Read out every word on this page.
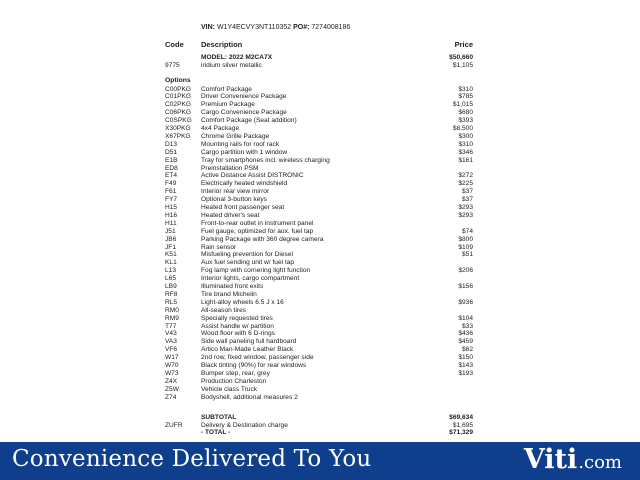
VIN: W1Y4ECVY3NT110352 PO#: 7274008186
Code Description	Price
MODEL: 2022 M2CA7X	$50,660
9775	iridium silver metallic	$1,105
Options
C00PKG Comfort Package	$310
C01PKG Driver Convenience Package	$785
C02PKG Premium Package	$1,015
C06PKG Cargo Convenience Package	$680
C0SPKG Comfort Package (Seat addition)	$393
X30PKG 4x4 Package	$8,500
X67PKG Chrome Grille Package	$300
D13	Mounting rails for roof rack	$310
D51	Cargo partition with 1 window	$346
E1B	Tray for smartphones incl. wireless charging	$161
ED8	Preinstallation PSM
ET4	Active Distance Assist DISTRONIC	$272
F49	Electrically heated windshield	$225
F61	Interior rear view mirror	$37
FY7	Optional 3-button keys	$37
H15	Heated front passenger seat	$293
H16	Heated driver's seat	$293
H11	Front-to-rear outlet in instrument panel
J51	Fuel gauge, optimized for aux. fuel tap	$74
JB6	Parking Package with 360 degree camera	$800
JF1	Rain sensor	$109
K51	Misfueling prevention for Diesel	$51
KL1	Aux fuel sending unit w/ fuel tap
L13	Fog lamp with cornering light function	$206
L65	Interior lights, cargo compartment
LB9	Illuminated front exits	$156
RF8	Tire brand Michelin
RL5	Light-alloy wheels 6.5 J x 16	$936
RM0	All-season tires
RM9	Specially requested tires	$104
T77	Assist handle w/ partition	$33
V43	Wood floor with 6 D-rings	$436
VA3	Side wall paneling full hardboard	$459
VF6	Artico Man-Made Leather Black	$62
W17	2nd row, fixed window, passenger side	$150
W70	Black tinting (90%) for rear windows	$143
W73	Bumper step, rear, grey	$193
Z4X	Production Charleston
Z5W	Vehicle class Truck
Z74	Bodyshell, additional measures 2
SUBTOTAL	$69,634
ZUFR	Delivery & Destination charge	$1,695
- TOTAL -	$71,329
Convenience Delivered To You	Viti.com
